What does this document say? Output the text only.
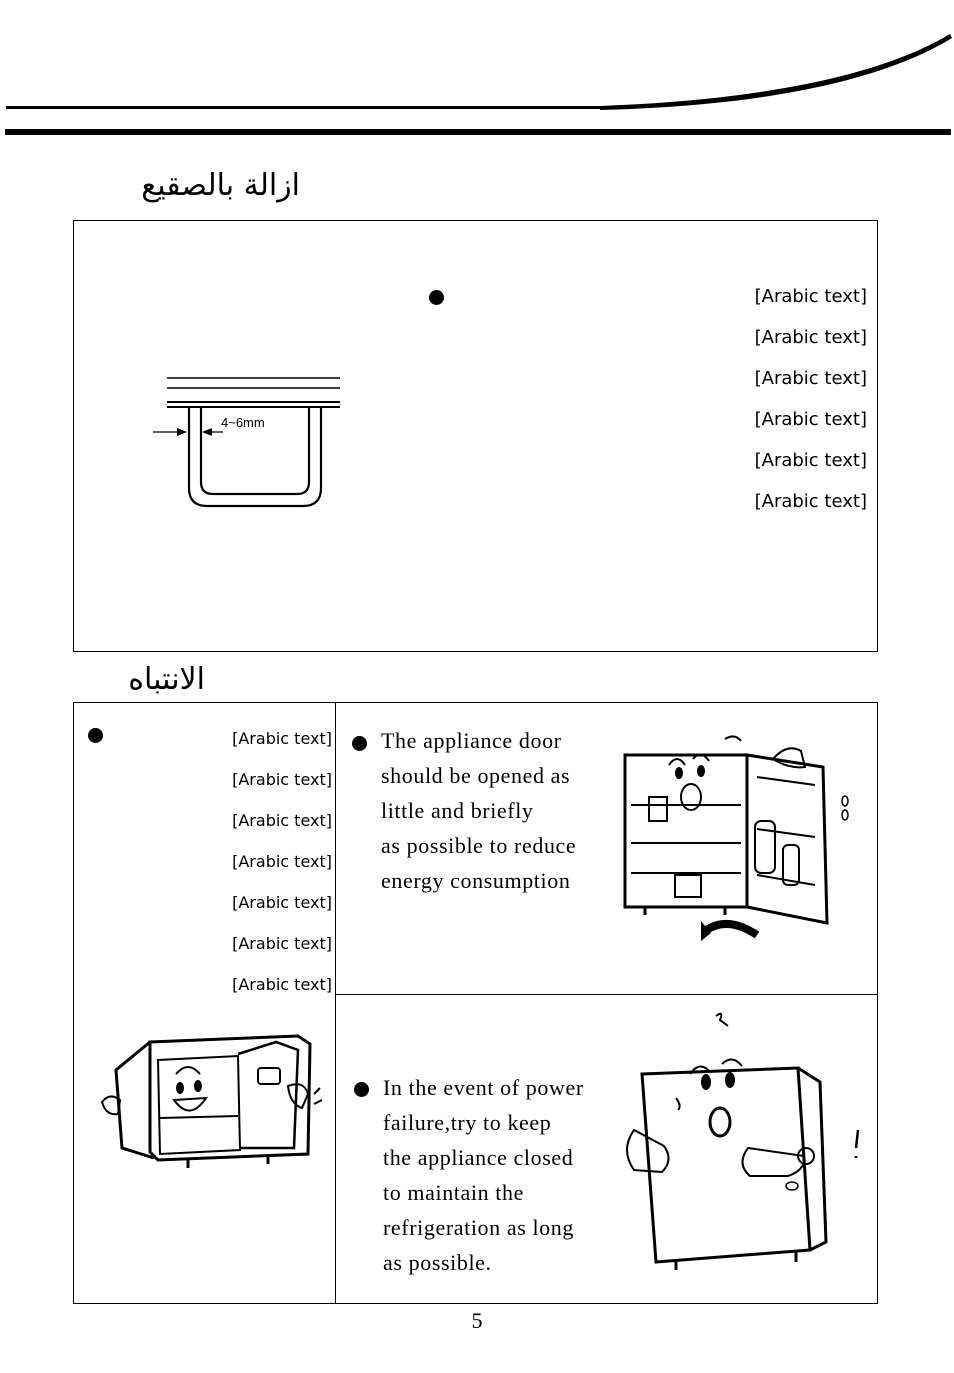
ازالة بالصقيع
4~6mm
[Arabic text]
[Arabic text]
[Arabic text]
[Arabic text]
[Arabic text]
[Arabic text]
الانتباه
[Arabic text]
[Arabic text]
[Arabic text]
[Arabic text]
[Arabic text]
[Arabic text]
[Arabic text]
The appliance door
should be opened as
little and briefly
as possible to reduce
energy consumption
In the event of power
failure,try to keep
the appliance closed
to maintain the
refrigeration as long
as possible.
5
